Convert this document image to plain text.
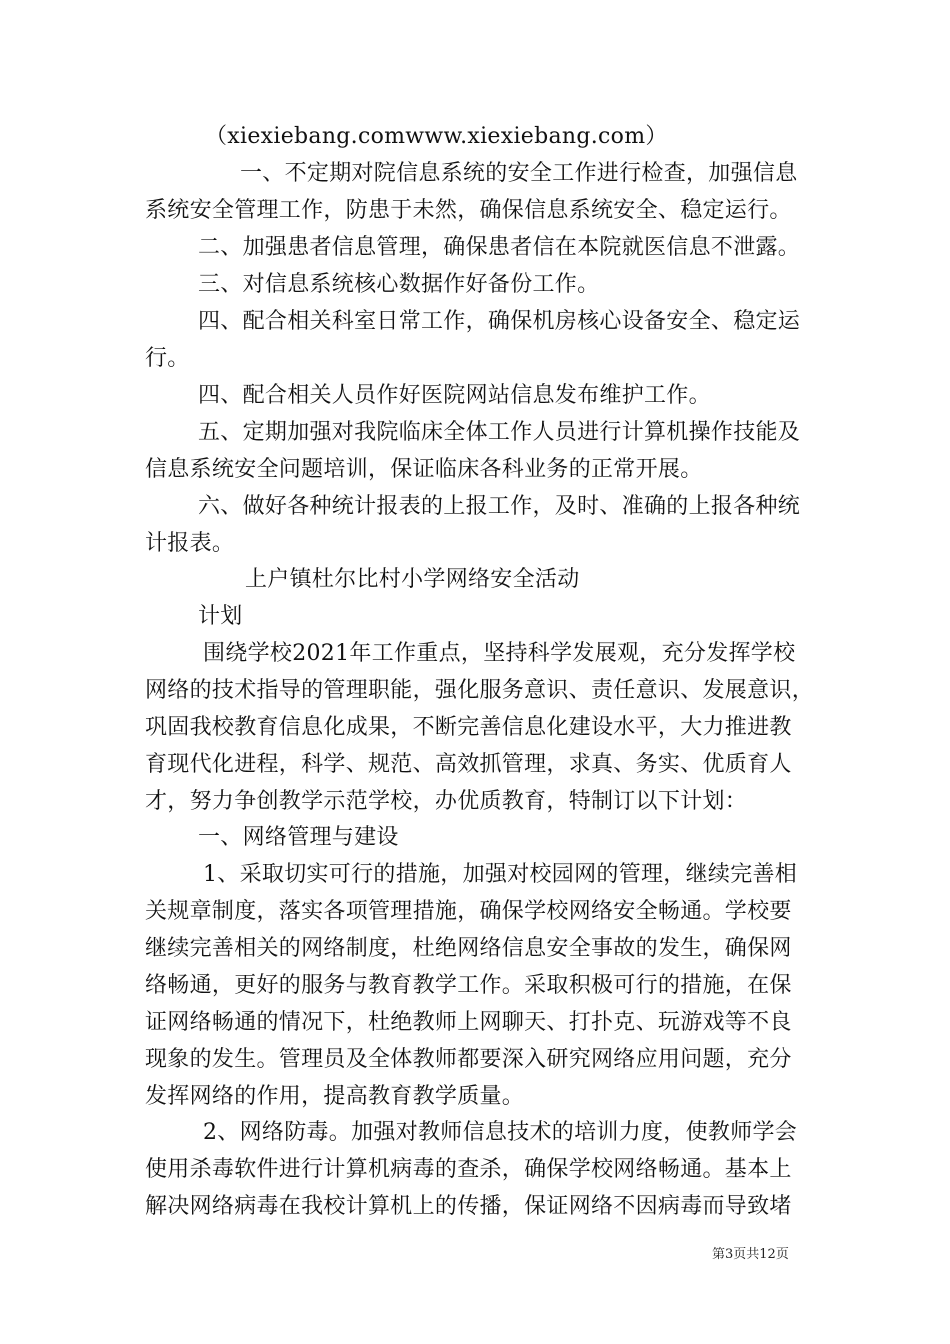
（xiexiebang.comwww.xiexiebang.com）
一、不定期对院信息系统的安全工作进行检查，加强信息
系统安全管理工作，防患于未然，确保信息系统安全、稳定运行。
二、加强患者信息管理，确保患者信在本院就医信息不泄露。
三、对信息系统核心数据作好备份工作。
四、配合相关科室日常工作，确保机房核心设备安全、稳定运
行。
四、配合相关人员作好医院网站信息发布维护工作。
五、定期加强对我院临床全体工作人员进行计算机操作技能及
信息系统安全问题培训，保证临床各科业务的正常开展。
六、做好各种统计报表的上报工作，及时、准确的上报各种统
计报表。
上户镇杜尔比村小学网络安全活动
计划
围绕学校2021年工作重点，坚持科学发展观，充分发挥学校
网络的技术指导的管理职能，强化服务意识、责任意识、发展意识，
巩固我校教育信息化成果，不断完善信息化建设水平，大力推进教
育现代化进程，科学、规范、高效抓管理，求真、务实、优质育人
才，努力争创教学示范学校，办优质教育，特制订以下计划：
一、网络管理与建设
1、采取切实可行的措施，加强对校园网的管理，继续完善相
关规章制度，落实各项管理措施，确保学校网络安全畅通。学校要
继续完善相关的网络制度，杜绝网络信息安全事故的发生，确保网
络畅通，更好的服务与教育教学工作。采取积极可行的措施，在保
证网络畅通的情况下，杜绝教师上网聊天、打扑克、玩游戏等不良
现象的发生。管理员及全体教师都要深入研究网络应用问题，充分
发挥网络的作用，提高教育教学质量。
2、网络防毒。加强对教师信息技术的培训力度，使教师学会
使用杀毒软件进行计算机病毒的查杀，确保学校网络畅通。基本上
解决网络病毒在我校计算机上的传播，保证网络不因病毒而导致堵
第3页共12页
